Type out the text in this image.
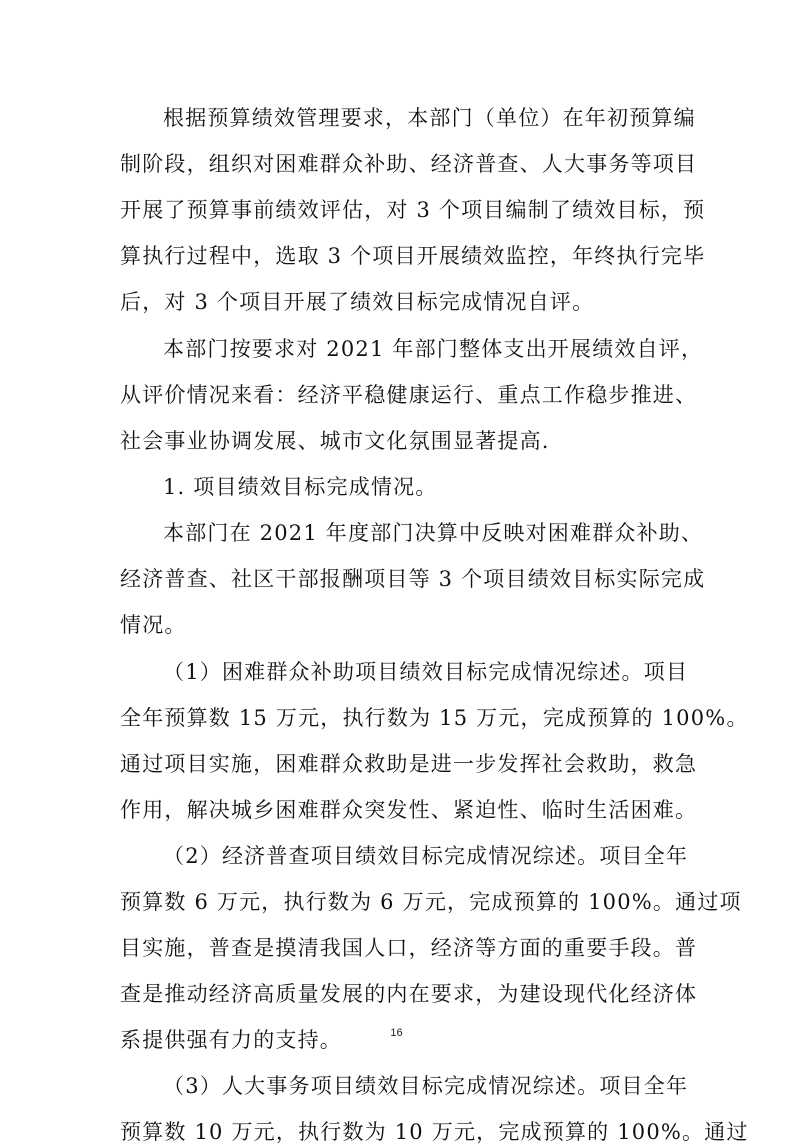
根据预算绩效管理要求，本部门（单位）在年初预算编
制阶段，组织对困难群众补助、经济普查、人大事务等项目
开展了预算事前绩效评估，对 3 个项目编制了绩效目标，预
算执行过程中，选取 3 个项目开展绩效监控，年终执行完毕
后，对 3 个项目开展了绩效目标完成情况自评。
本部门按要求对 2021 年部门整体支出开展绩效自评，
从评价情况来看：经济平稳健康运行、重点工作稳步推进、
社会事业协调发展、城市文化氛围显著提高.
1. 项目绩效目标完成情况。
本部门在 2021 年度部门决算中反映对困难群众补助、
经济普查、社区干部报酬项目等 3 个项目绩效目标实际完成
情况。
（1）困难群众补助项目绩效目标完成情况综述。项目
全年预算数 15 万元，执行数为 15 万元，完成预算的 100%。
通过项目实施，困难群众救助是进一步发挥社会救助，救急
作用，解决城乡困难群众突发性、紧迫性、临时生活困难。
（2）经济普查项目绩效目标完成情况综述。项目全年
预算数 6 万元，执行数为 6 万元，完成预算的 100%。通过项
目实施，普查是摸清我国人口，经济等方面的重要手段。普
查是推动经济高质量发展的内在要求，为建设现代化经济体
系提供强有力的支持。
（3）人大事务项目绩效目标完成情况综述。项目全年
预算数 10 万元，执行数为 10 万元，完成预算的 100%。通过
16
